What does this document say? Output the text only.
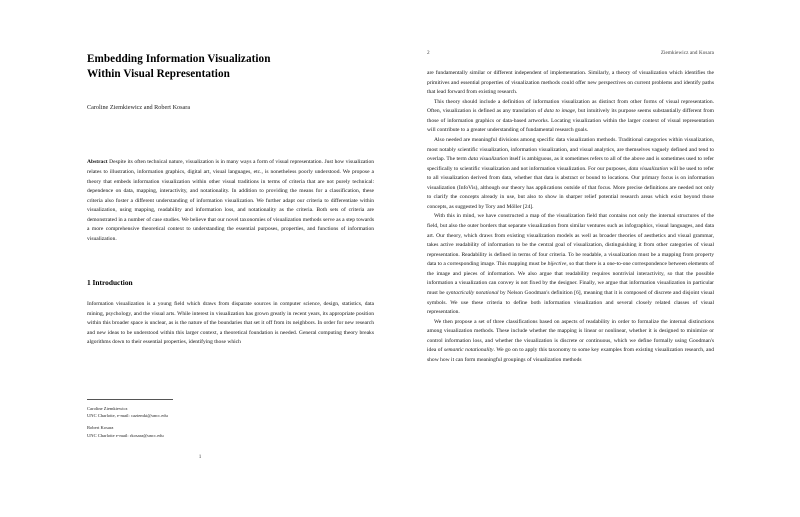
Embedding Information Visualization
Within Visual Representation
Caroline Ziemkiewicz and Robert Kosara

Abstract Despite its often technical nature, visualization is in many ways a form of visual representation. Just how visualization relates to illustration, information graphics, digital art, visual languages, etc., is nonetheless poorly understood. We propose a theory that embeds information visualization within other visual traditions in terms of criteria that are not purely technical: dependence on data, mapping, interactivity, and notationality. In addition to providing the means for a classification, these criteria also foster a different understanding of information visualization. We further adapt our criteria to differentiate within visualization, using mapping, readability and information loss, and notationality as the criteria. Both sets of criteria are demonstrated in a number of case studies. We believe that our novel taxonomies of visualization methods serve as a step towards a more comprehensive theoretical context to understanding the essential purposes, properties, and functions of information visualization.

1 Introduction

Information visualization is a young field which draws from disparate sources in computer science, design, statistics, data mining, psychology, and the visual arts. While interest in visualization has grown greatly in recent years, its appropriate position within this broader space is unclear, as is the nature of the boundaries that set it off from its neighbors. In order for new research and new ideas to be understood within this larger context, a theoretical foundation is needed. General computing theory breaks algorithms down to their essential properties, identifying those which

Caroline Ziemkiewicz
UNC Charlotte, e-mail: caziemki@uncc.edu
Robert Kosara
UNC Charlotte e-mail: rkosara@uncc.edu
1
2	Ziemkiewicz and Kosara

are fundamentally similar or different independent of implementation. Similarly, a theory of visualization which identifies the primitives and essential properties of visualization methods could offer new perspectives on current problems and identify paths that lead forward from existing research.

This theory should include a definition of information visualization as distinct from other forms of visual representation. Often, visualization is defined as any translation of data to image, but intuitively its purpose seems substantially different from those of information graphics or data-based artworks. Locating visualization within the larger context of visual representation will contribute to a greater understanding of fundamental research goals.

Also needed are meaningful divisions among specific data visualization methods. Traditional categories within visualization, most notably scientific visualization, information visualization, and visual analytics, are themselves vaguely defined and tend to overlap. The term data visualization itself is ambiguous, as it sometimes refers to all of the above and is sometimes used to refer specifically to scientific visualization and not information visualization. For our purposes, data visualization will be used to refer to all visualization derived from data, whether that data is abstract or bound to locations. Our primary focus is on information visualization (InfoVis), although our theory has applications outside of that focus. More precise definitions are needed not only to clarify the concepts already in use, but also to show in sharper relief potential research areas which exist beyond those concepts, as suggested by Tory and Möller [24].

With this in mind, we have constructed a map of the visualization field that contains not only the internal structures of the field, but also the outer borders that separate visualization from similar ventures such as infographics, visual languages, and data art. Our theory, which draws from existing visualization models as well as broader theories of aesthetics and visual grammar, takes active readability of information to be the central goal of visualization, distinguishing it from other categories of visual representation. Readability is defined in terms of four criteria. To be readable, a visualization must be a mapping from property data to a corresponding image. This mapping must be bijective, so that there is a one-to-one correspondence between elements of the image and pieces of information. We also argue that readability requires nontrivial interactivity, so that the possible information a visualization can convey is not fixed by the designer. Finally, we argue that information visualization in particular must be syntactically notational by Nelson Goodman's definition [6], meaning that it is composed of discrete and disjoint visual symbols. We use these criteria to define both information visualization and several closely related classes of visual representation.

We then propose a set of three classifications based on aspects of readability in order to formalize the internal distinctions among visualization methods. These include whether the mapping is linear or nonlinear, whether it is designed to minimize or control information loss, and whether the visualization is discrete or continuous, which we define formally using Goodman's idea of semantic notationality. We go on to apply this taxonomy to some key examples from existing visualization research, and show how it can form meaningful groupings of visualization methods
